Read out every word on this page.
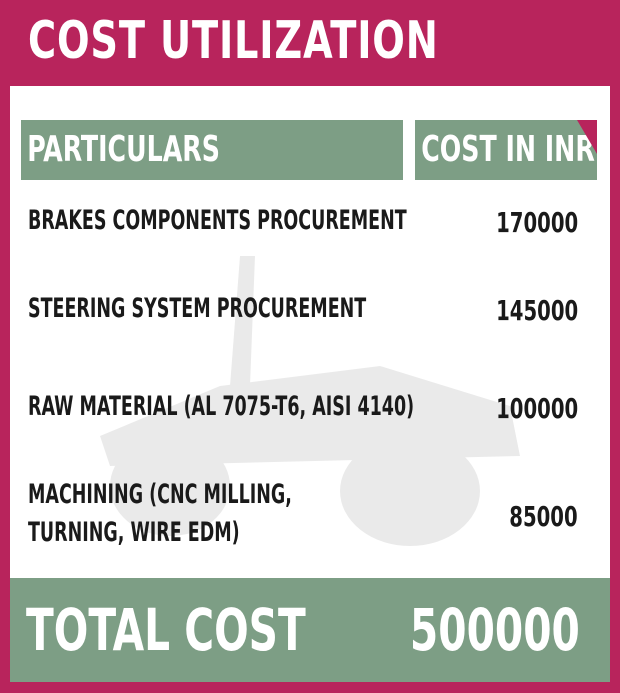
COST UTILIZATION
PARTICULARS	COST IN INR
BRAKES COMPONENTS PROCUREMENT	170000
STEERING SYSTEM PROCUREMENT	145000
RAW MATERIAL (AL 7075-T6, AISI 4140)	100000
MACHINING (CNC MILLING,
TURNING, WIRE EDM)	85000
TOTAL COST 500000
